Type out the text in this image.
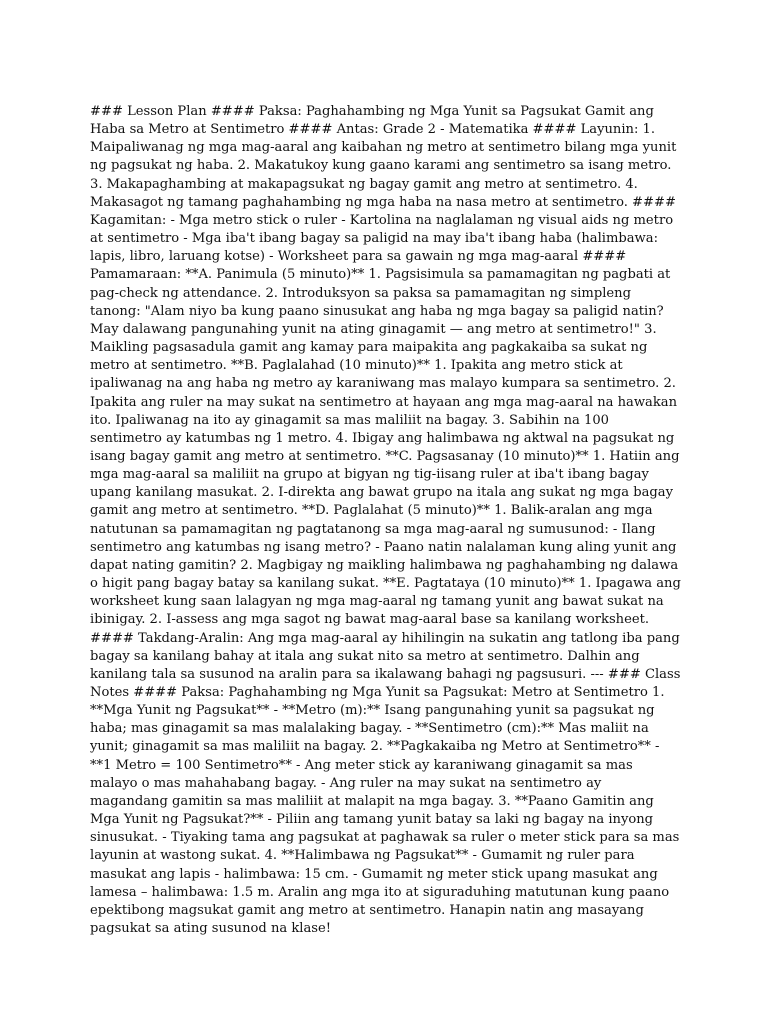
### Lesson Plan #### Paksa: Paghahambing ng Mga Yunit sa Pagsukat Gamit ang Haba sa Metro at Sentimetro #### Antas: Grade 2 - Matematika #### Layunin: 1. Maipaliwanag ng mga mag-aaral ang kaibahan ng metro at sentimetro bilang mga yunit ng pagsukat ng haba. 2. Makatukoy kung gaano karami ang sentimetro sa isang metro. 3. Makapaghambing at makapagsukat ng bagay gamit ang metro at sentimetro. 4. Makasagot ng tamang paghahambing ng mga haba na nasa metro at sentimetro. #### Kagamitan: - Mga metro stick o ruler - Kartolina na naglalaman ng visual aids ng metro at sentimetro - Mga iba't ibang bagay sa paligid na may iba't ibang haba (halimbawa: lapis, libro, laruang kotse) - Worksheet para sa gawain ng mga mag-aaral #### Pamamaraan: **A. Panimula (5 minuto)** 1. Pagsisimula sa pamamagitan ng pagbati at pag-check ng attendance. 2. Introduksyon sa paksa sa pamamagitan ng simpleng tanong: "Alam niyo ba kung paano sinusukat ang haba ng mga bagay sa paligid natin? May dalawang pangunahing yunit na ating ginagamit — ang metro at sentimetro!" 3. Maikling pagsasadula gamit ang kamay para maipakita ang pagkakaiba sa sukat ng metro at sentimetro. **B. Paglalahad (10 minuto)** 1. Ipakita ang metro stick at ipaliwanag na ang haba ng metro ay karaniwang mas malayo kumpara sa sentimetro. 2. Ipakita ang ruler na may sukat na sentimetro at hayaan ang mga mag-aaral na hawakan ito. Ipaliwanag na ito ay ginagamit sa mas maliliit na bagay. 3. Sabihin na 100 sentimetro ay katumbas ng 1 metro. 4. Ibigay ang halimbawa ng aktwal na pagsukat ng isang bagay gamit ang metro at sentimetro. **C. Pagsasanay (10 minuto)** 1. Hatiin ang mga mag-aaral sa maliliit na grupo at bigyan ng tig-iisang ruler at iba't ibang bagay upang kanilang masukat. 2. I-direkta ang bawat grupo na itala ang sukat ng mga bagay gamit ang metro at sentimetro. **D. Paglalahat (5 minuto)** 1. Balik-aralan ang mga natutunan sa pamamagitan ng pagtatanong sa mga mag-aaral ng sumusunod: - Ilang sentimetro ang katumbas ng isang metro? - Paano natin nalalaman kung aling yunit ang dapat nating gamitin? 2. Magbigay ng maikling halimbawa ng paghahambing ng dalawa o higit pang bagay batay sa kanilang sukat. **E. Pagtataya (10 minuto)** 1. Ipagawa ang worksheet kung saan lalagyan ng mga mag-aaral ng tamang yunit ang bawat sukat na ibinigay. 2. I-assess ang mga sagot ng bawat mag-aaral base sa kanilang worksheet. #### Takdang-Aralin: Ang mga mag-aaral ay hihilingin na sukatin ang tatlong iba pang bagay sa kanilang bahay at itala ang sukat nito sa metro at sentimetro. Dalhin ang kanilang tala sa susunod na aralin para sa ikalawang bahagi ng pagsusuri. --- ### Class Notes #### Paksa: Paghahambing ng Mga Yunit sa Pagsukat: Metro at Sentimetro 1. **Mga Yunit ng Pagsukat** - **Metro (m):** Isang pangunahing yunit sa pagsukat ng haba; mas ginagamit sa mas malalaking bagay. - **Sentimetro (cm):** Mas maliit na yunit; ginagamit sa mas maliliit na bagay. 2. **Pagkakaiba ng Metro at Sentimetro** - **1 Metro = 100 Sentimetro** - Ang meter stick ay karaniwang ginagamit sa mas malayo o mas mahahabang bagay. - Ang ruler na may sukat na sentimetro ay magandang gamitin sa mas maliliit at malapit na mga bagay. 3. **Paano Gamitin ang Mga Yunit ng Pagsukat?** - Piliin ang tamang yunit batay sa laki ng bagay na inyong sinusukat. - Tiyaking tama ang pagsukat at paghawak sa ruler o meter stick para sa mas layunin at wastong sukat. 4. **Halimbawa ng Pagsukat** - Gumamit ng ruler para masukat ang lapis - halimbawa: 15 cm. - Gumamit ng meter stick upang masukat ang lamesa – halimbawa: 1.5 m. Aralin ang mga ito at siguraduhing matutunan kung paano epektibong magsukat gamit ang metro at sentimetro. Hanapin natin ang masayang pagsukat sa ating susunod na klase!
